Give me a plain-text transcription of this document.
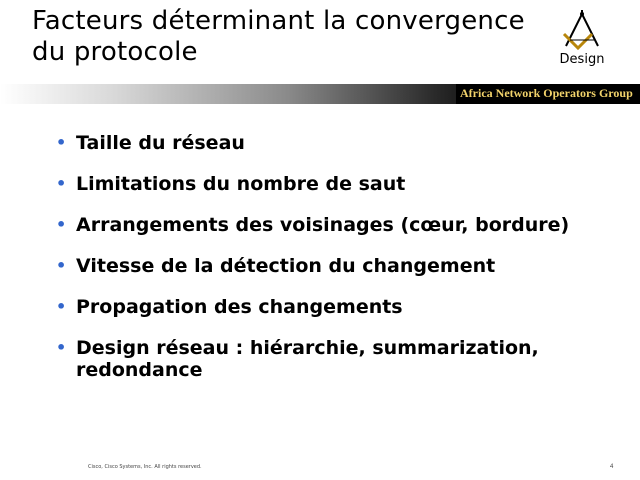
Facteurs déterminant la convergence du protocole	Design
Africa Network Operators Group
• Taille du réseau
• Limitations du nombre de saut
• Arrangements des voisinages (cœur, bordure)
• Vitesse de la détection du changement
• Propagation des changements
• Design réseau : hiérarchie, summarization, redondance
Cisco, Cisco Systems, Inc. All rights reserved.	4
